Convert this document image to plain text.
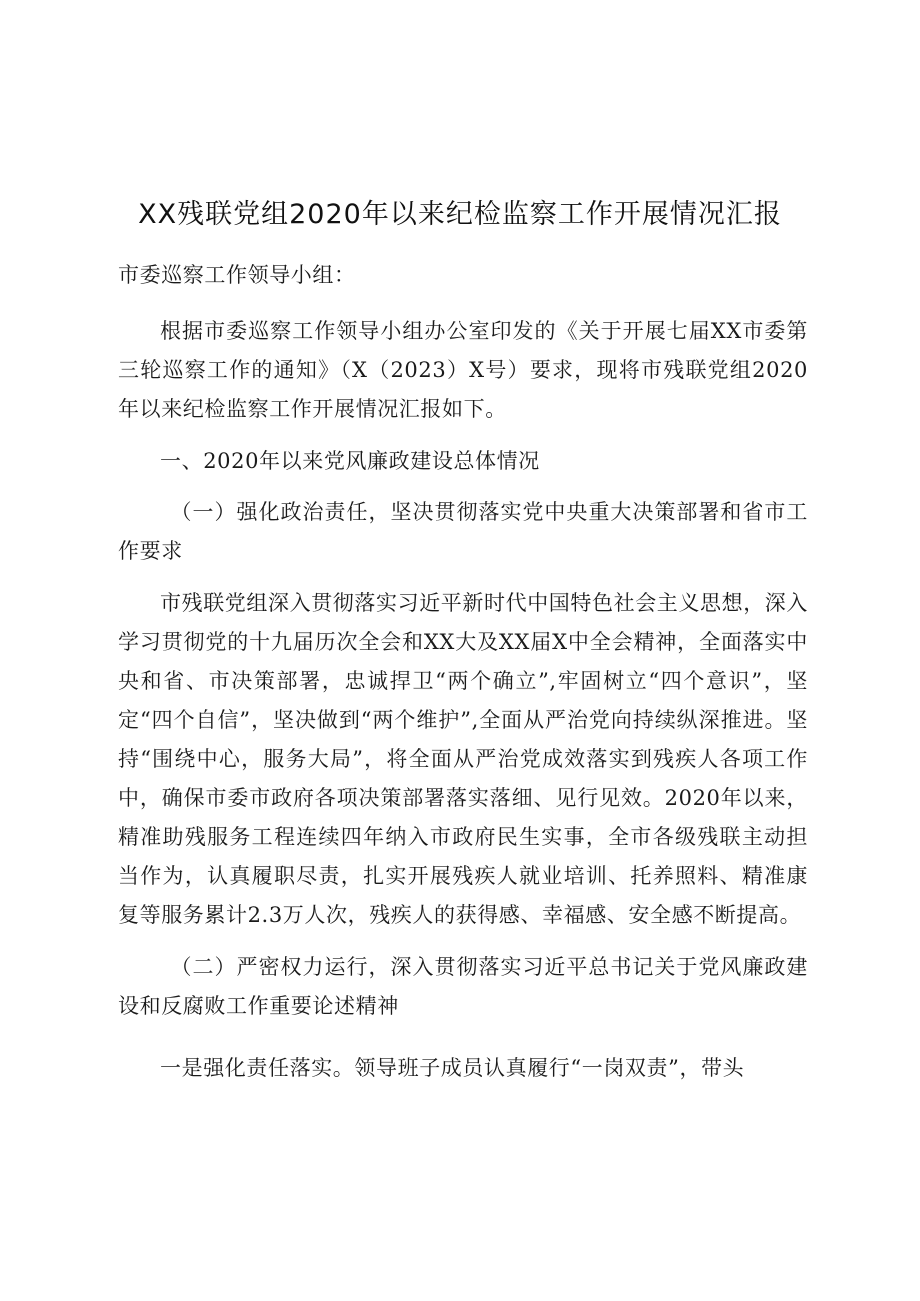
XX残联党组2020年以来纪检监察工作开展情况汇报

市委巡察工作领导小组：

根据市委巡察工作领导小组办公室印发的《关于开展七届XX市委第三轮巡察工作的通知》（X（2023）X号）要求，现将市残联党组2020年以来纪检监察工作开展情况汇报如下。

一、2020年以来党风廉政建设总体情况

（一）强化政治责任，坚决贯彻落实党中央重大决策部署和省市工作要求

市残联党组深入贯彻落实习近平新时代中国特色社会主义思想，深入学习贯彻党的十九届历次全会和XX大及XX届X中全会精神，全面落实中央和省、市决策部署，忠诚捍卫“两个确立”,牢固树立“四个意识”，坚定“四个自信”，坚决做到“两个维护”,全面从严治党向持续纵深推进。坚持“围绕中心，服务大局”，将全面从严治党成效落实到残疾人各项工作中，确保市委市政府各项决策部署落实落细、见行见效。2020年以来，精准助残服务工程连续四年纳入市政府民生实事，全市各级残联主动担当作为，认真履职尽责，扎实开展残疾人就业培训、托养照料、精准康复等服务累计2.3万人次，残疾人的获得感、幸福感、安全感不断提高。

（二）严密权力运行，深入贯彻落实习近平总书记关于党风廉政建设和反腐败工作重要论述精神

一是强化责任落实。领导班子成员认真履行“一岗双责”，带头
